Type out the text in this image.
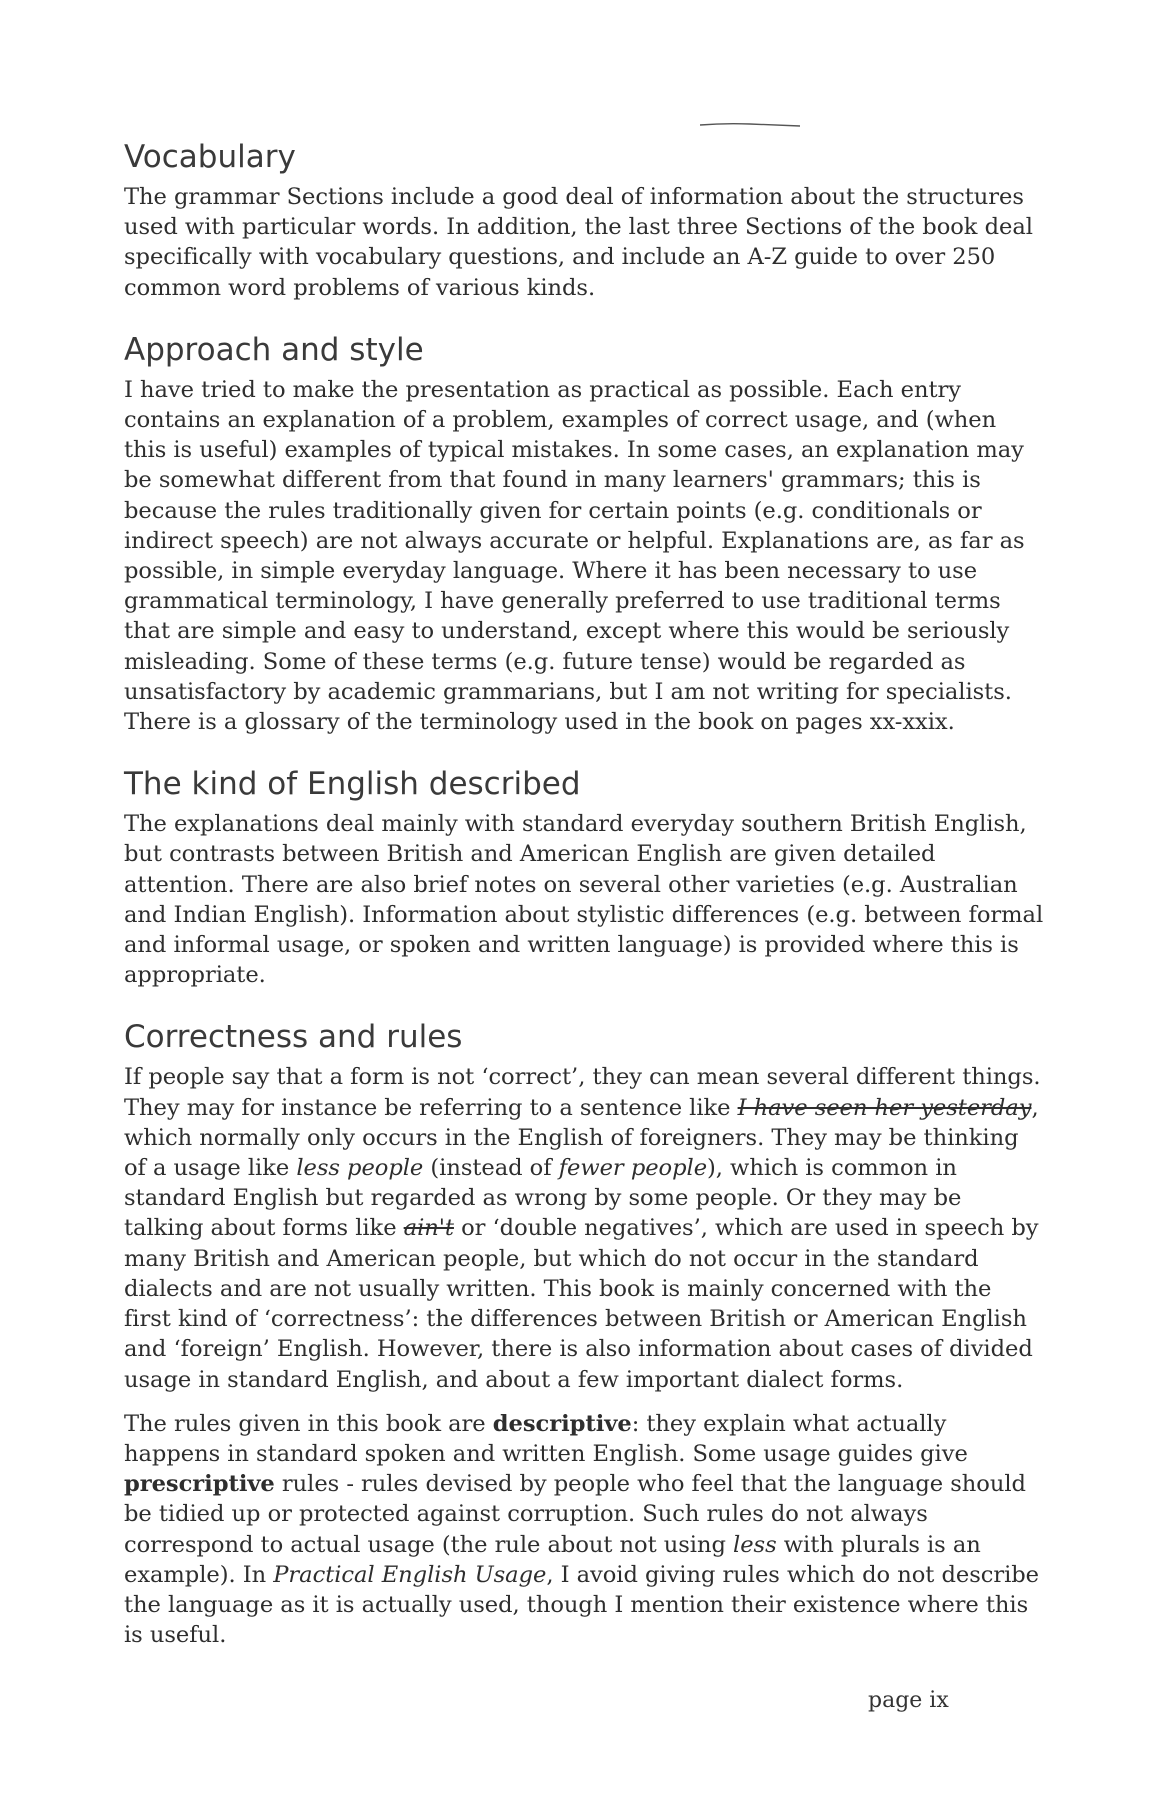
Vocabulary

The grammar Sections include a good deal of information about the structures used with particular words. In addition, the last three Sections of the book deal specifically with vocabulary questions, and include an A-Z guide to over 250 common word problems of various kinds.

Approach and style

I have tried to make the presentation as practical as possible. Each entry contains an explanation of a problem, examples of correct usage, and (when this is useful) examples of typical mistakes. In some cases, an explanation may be somewhat different from that found in many learners' grammars; this is because the rules traditionally given for certain points (e.g. conditionals or indirect speech) are not always accurate or helpful. Explanations are, as far as possible, in simple everyday language. Where it has been necessary to use grammatical terminology, I have generally preferred to use traditional terms that are simple and easy to understand, except where this would be seriously misleading. Some of these terms (e.g. future tense) would be regarded as unsatisfactory by academic grammarians, but I am not writing for specialists. There is a glossary of the terminology used in the book on pages xx-xxix.

The kind of English described

The explanations deal mainly with standard everyday southern British English, but contrasts between British and American English are given detailed attention. There are also brief notes on several other varieties (e.g. Australian and Indian English). Information about stylistic differences (e.g. between formal and informal usage, or spoken and written language) is provided where this is appropriate.

Correctness and rules

If people say that a form is not ‘correct’, they can mean several different things. They may for instance be referring to a sentence like I have seen her yesterday, which normally only occurs in the English of foreigners. They may be thinking of a usage like less people (instead of fewer people), which is common in standard English but regarded as wrong by some people. Or they may be talking about forms like ain't or ‘double negatives’, which are used in speech by many British and American people, but which do not occur in the standard dialects and are not usually written. This book is mainly concerned with the first kind of ‘correctness’: the differences between British or American English and ‘foreign’ English. However, there is also information about cases of divided usage in standard English, and about a few important dialect forms.

The rules given in this book are descriptive: they explain what actually happens in standard spoken and written English. Some usage guides give prescriptive rules - rules devised by people who feel that the language should be tidied up or protected against corruption. Such rules do not always correspond to actual usage (the rule about not using less with plurals is an example). In Practical English Usage, I avoid giving rules which do not describe the language as it is actually used, though I mention their existence where this is useful.

page ix
